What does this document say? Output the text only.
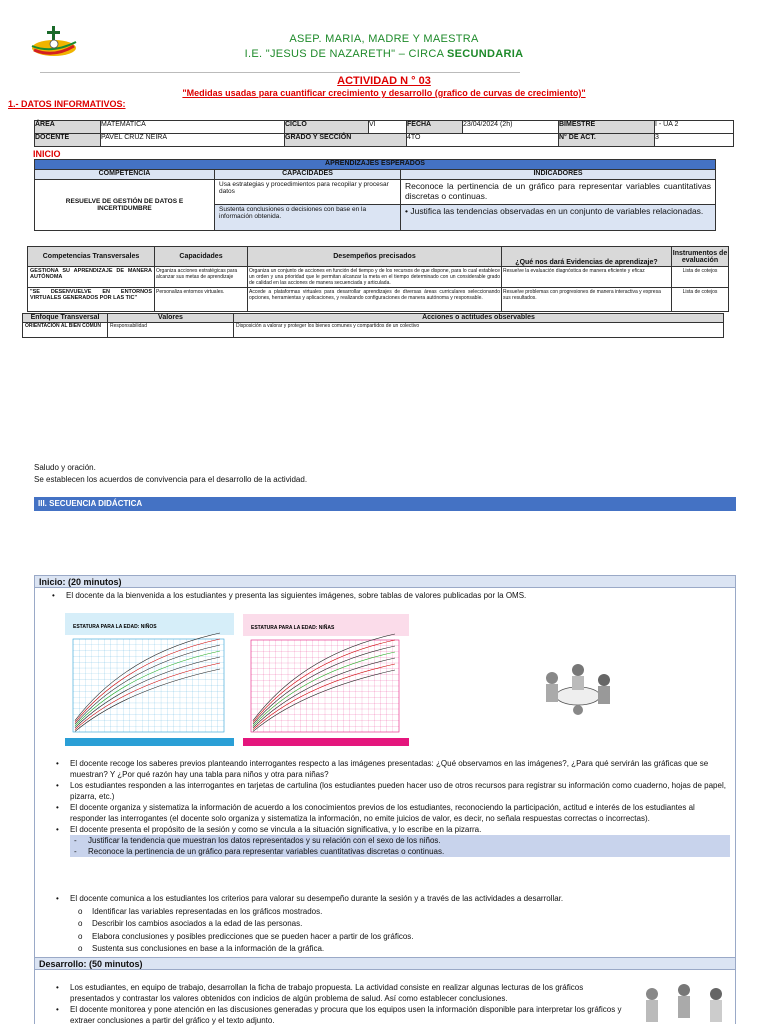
ASEP. MARIA, MADRE Y MAESTRA
I.E. "JESUS DE NAZARETH" – CIRCA SECUNDARIA
ACTIVIDAD N ° 03
"Medidas usadas para cuantificar crecimiento y desarrollo (grafico de curvas de crecimiento)"
1.- DATOS INFORMATIVOS:
ÁREA	MATEMATICA	CICLO	VI	FECHA	23/04/2024 (2h)	BIMESTRE	I - UA 2
DOCENTE	PAVEL CRUZ NEIRA	GRADO Y SECCIÓN		4TO		N° DE ACT.	3
INICIO
APRENDIZAJES ESPERADOS		
COMPETENCIA	CAPACIDADES	INDICADORES
RESUELVE DE GESTIÓN DE DATOS E INCERTIDUMBRE	Usa estrategias y procedimientos para recopilar y procesar datos	Reconoce la pertinencia de un gráfico para representar variables cuantitativas discretas o continuas.
	Sustenta conclusiones o decisiones con base en la información obtenida.	• Justifica las tendencias observadas en un conjunto de variables relacionadas.
Competencias Transversales	Capacidades	Desempeños precisados	¿Qué nos dará Evidencias de aprendizaje?	Instrumentos de evaluación
GESTIONA SU APRENDIZAJE DE MANERA AUTÓNOMA	Organiza acciones estratégicas para alcanzar sus metas de aprendizaje	Organiza un conjunto de acciones en función del tiempo y de los recursos de que dispone, para lo cual establece un orden y una prioridad que le permitan alcanzar la meta en el tiempo determinado con un considerable grado de calidad en las acciones de manera secuenciada y articulada.	Resuelve la evaluación diagnóstica de manera eficiente y eficaz	Lista de cotejos
"SE DESENVUELVE EN ENTORNOS VIRTUALES GENERADOS POR LAS TIC"	Personaliza entornos virtuales.	Accede a plataformas virtuales para desarrollar aprendizajes de diversas áreas curriculares seleccionando opciones, herramientas y aplicaciones, y realizando configuraciones de manera autónoma y responsable.	Resuelve problemas con progresiones de manera interactiva y expresa sus resultados.	Lista de cotejos
Enfoque Transversal	Valores	Acciones o actitudes observables
ORIENTACIÓN AL BIEN COMÚN	Responsabilidad	Disposición a valorar y proteger los bienes comunes y compartidos de un colectivo
Saludo y oración.
Se establecen los acuerdos de convivencia para el desarrollo de la actividad.
III. SECUENCIA DIDÁCTICA
Inicio: (20 minutos)
• El docente da la bienvenida a los estudiantes y presenta las siguientes imágenes, sobre tablas de valores publicadas por la OMS.
ESTATURA PARA LA EDAD: NIÑOS	ESTATURA PARA LA EDAD: NIÑAS
• El docente recoge los saberes previos planteando interrogantes respecto a las imágenes presentadas: ¿Qué observamos en las imágenes?, ¿Para qué servirán las gráficas que se muestran? Y ¿Por qué razón hay una tabla para niños y otra para niñas?
• Los estudiantes responden a las interrogantes en tarjetas de cartulina (los estudiantes pueden hacer uso de otros recursos para registrar su información como cuaderno, hojas de papel, pizarra, etc.)
• El docente organiza y sistematiza la información de acuerdo a los conocimientos previos de los estudiantes, reconociendo la participación, actitud e interés de los estudiantes al responder las interrogantes (el docente solo organiza y sistematiza la información, no emite juicios de valor, es decir, no señala respuestas correctas o incorrectas).
• El docente presenta el propósito de la sesión y como se vincula a la situación significativa, y lo escribe en la pizarra.
- Justificar la tendencia que muestran los datos representados y su relación con el sexo de los niños.
- Reconoce la pertinencia de un gráfico para representar variables cuantitativas discretas o continuas.
• El docente comunica a los estudiantes los criterios para valorar su desempeño durante la sesión y a través de las actividades a desarrollar.
o Identificar las variables representadas en los gráficos mostrados.
o Describir los cambios asociados a la edad de las personas.
o Elabora conclusiones y posibles predicciones que se pueden hacer a partir de los gráficos.
o Sustenta sus conclusiones en base a la información de la gráfica.
Desarrollo: (50 minutos)
• Los estudiantes, en equipo de trabajo, desarrollan la ficha de trabajo propuesta. La actividad consiste en realizar algunas lecturas de los gráficos presentados y contrastar los valores obtenidos con indicios de algún problema de salud. Así como establecer conclusiones.
• El docente monitorea y pone atención en las discusiones generadas y procura que los equipos usen la información disponible para interpretar los gráficos y extraer conclusiones a partir del gráfico y el texto adjunto.
